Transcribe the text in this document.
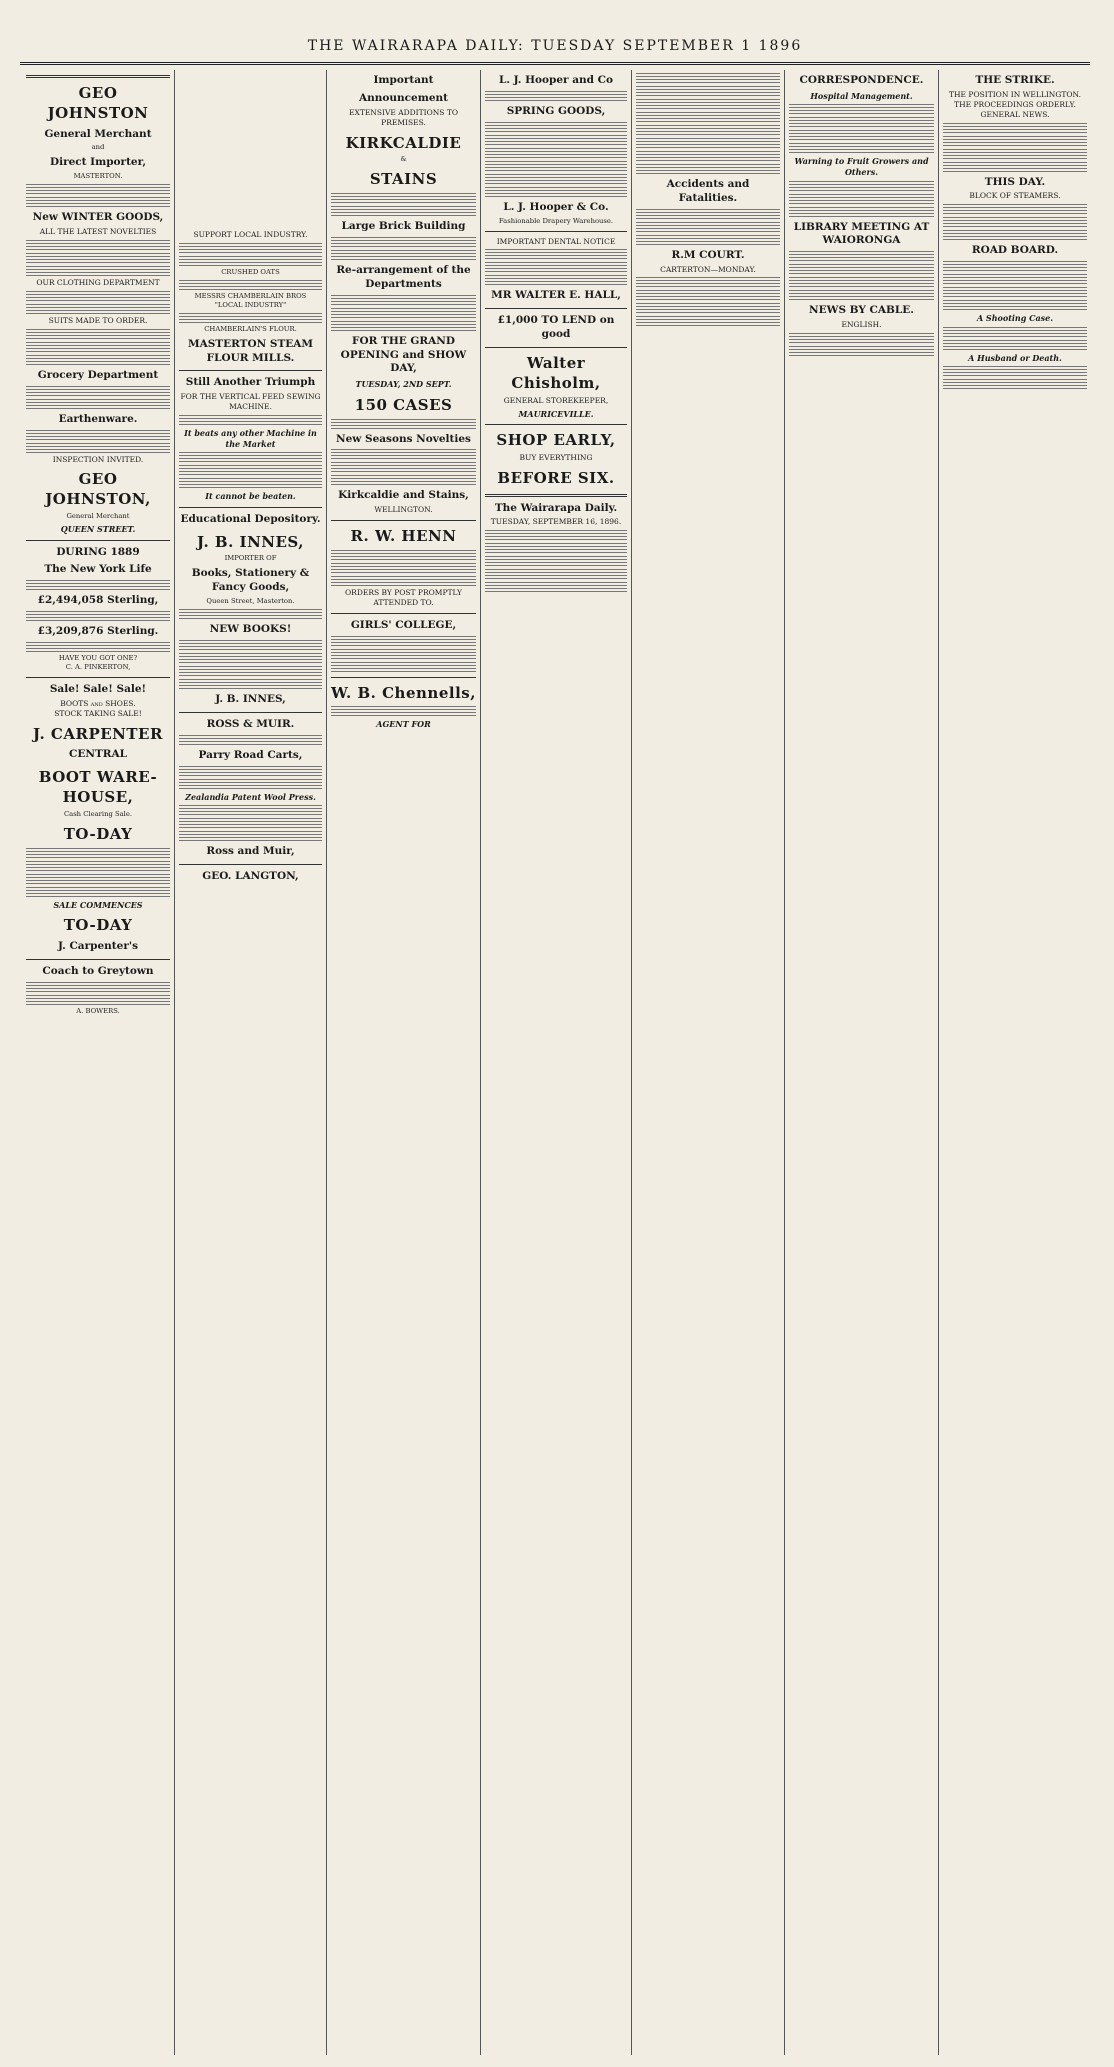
THE WAIRARAPA DAILY: TUESDAY SEPTEMBER 1 1896
GEO JOHNSTON
General Merchant
and
Direct Importer,
MASTERTON.
New WINTER GOODS,
ALL THE LATEST NOVELTIES
OUR CLOTHING DEPARTMENT
SUITS MADE TO ORDER.
Grocery Department
Earthenware.
INSPECTION INVITED.
GEO JOHNSTON,
General Merchant
QUEEN STREET.
DURING 1889
The New York Life
£2,494,058 Sterling,
£3,209,876 Sterling.
HAVE YOU GOT ONE?
C. A. PINKERTON,
Sale! Sale! Sale!
BOOTS and SHOES.
STOCK TAKING SALE!
J. CARPENTER
CENTRAL
BOOT WARE-HOUSE,
Cash Clearing Sale.
TO-DAY
SALE COMMENCES
TO-DAY
J. Carpenter's
Coach to Greytown
A. BOWERS.
SUPPORT LOCAL INDUSTRY.
CRUSHED OATS
MESSRS CHAMBERLAIN BROS
"LOCAL INDUSTRY"
CHAMBERLAIN'S FLOUR.
MASTERTON STEAM FLOUR MILLS.
Still Another Triumph
FOR THE VERTICAL FEED SEWING MACHINE.
It beats any other Machine in the Market
It cannot be beaten.
Educational Depository.
J. B. INNES,
IMPORTER OF
Books, Stationery & Fancy Goods,
Queen Street, Masterton.
NEW BOOKS!
J. B. INNES,
ROSS & MUIR.
Parry Road Carts,
Zealandia Patent Wool Press.
Ross and Muir,
GEO. LANGTON,
Important
Announcement
EXTENSIVE ADDITIONS TO PREMISES.
KIRKCALDIE
&
STAINS
Large Brick Building
Re-arrangement of the Departments
FOR THE GRAND OPENING and SHOW DAY,
TUESDAY, 2ND SEPT.
150 CASES
New Seasons Novelties
Kirkcaldie and Stains,
WELLINGTON.
R. W. HENN
ORDERS BY POST PROMPTLY ATTENDED TO.
GIRLS' COLLEGE,
W. B. Chennells,
AGENT FOR
L. J. Hooper and Co
SPRING GOODS,
L. J. Hooper & Co.
Fashionable Drapery Warehouse.
IMPORTANT DENTAL NOTICE
MR WALTER E. HALL,
£1,000 TO LEND on good
Walter Chisholm,
GENERAL STOREKEEPER,
MAURICEVILLE.
SHOP EARLY,
BUY EVERYTHING
BEFORE SIX.
The Wairarapa Daily.
TUESDAY, SEPTEMBER 16, 1896.
Accidents and Fatalities.
R.M COURT.
CARTERTON—MONDAY.
CORRESPONDENCE.
Hospital Management.
Warning to Fruit Growers and Others.
LIBRARY MEETING AT WAIORONGA
NEWS BY CABLE.
ENGLISH.
THE STRIKE.
THE POSITION IN WELLINGTON.
THE PROCEEDINGS ORDERLY.
GENERAL NEWS.
THIS DAY.
BLOCK OF STEAMERS.
ROAD BOARD.
A Shooting Case.
A Husband or Death.
